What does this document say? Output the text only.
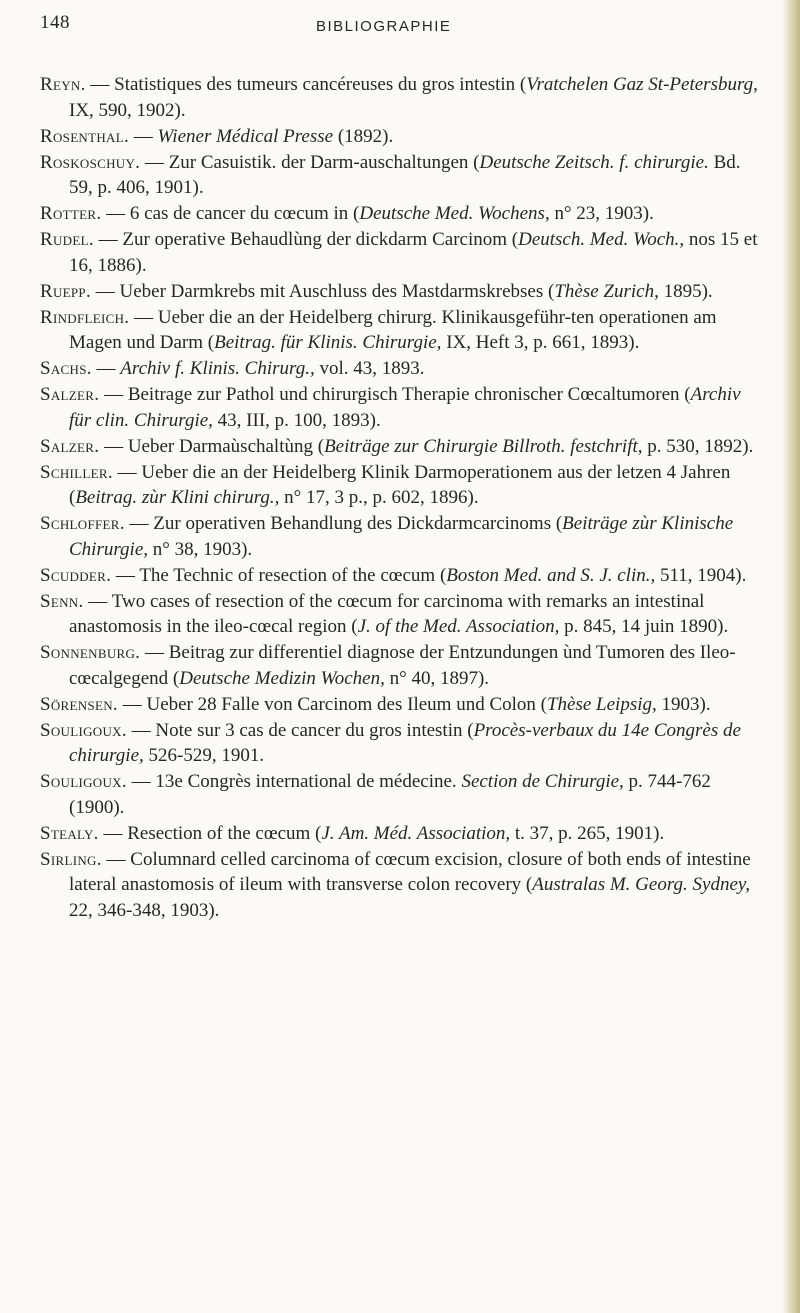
148	BIBLIOGRAPHIE

Reyn. — Statistiques des tumeurs cancéreuses du gros intestin (Vratchelen Gaz St-Petersburg, IX, 590, 1902).

Rosenthal. — Wiener Médical Presse (1892).

Roskoschuy. — Zur Casuistik. der Darm-auschaltungen (Deutsche Zeitsch. f. chirurgie. Bd. 59, p. 406, 1901).

Rotter. — 6 cas de cancer du cœcum in (Deutsche Med. Wochens, n° 23, 1903).

Rudel. — Zur operative Behaudlùng der dickdarm Carcinom (Deutsch. Med. Woch., nos 15 et 16, 1886).

Ruepp. — Ueber Darmkrebs mit Auschluss des Mastdarmskrebses (Thèse Zurich, 1895).

Rindfleich. — Ueber die an der Heidelberg chirurg. Klinikausgeführ-ten operationen am Magen und Darm (Beitrag. für Klinis. Chirurgie, IX, Heft 3, p. 661, 1893).

Sachs. — Archiv f. Klinis. Chirurg., vol. 43, 1893.

Salzer. — Beitrage zur Pathol und chirurgisch Therapie chronischer Cœcaltumoren (Archiv für clin. Chirurgie, 43, III, p. 100, 1893).

Salzer. — Ueber Darmaùschaltùng (Beiträge zur Chirurgie Billroth. festchrift, p. 530, 1892).

Schiller. — Ueber die an der Heidelberg Klinik Darmoperationem aus der letzen 4 Jahren (Beitrag. zùr Klini chirurg., n° 17, 3 p., p. 602, 1896).

Schloffer. — Zur operativen Behandlung des Dickdarmcarcinoms (Beiträge zùr Klinische Chirurgie, n° 38, 1903).

Scudder. — The Technic of resection of the cœcum (Boston Med. and S. J. clin., 511, 1904).

Senn. — Two cases of resection of the cœcum for carcinoma with remarks an intestinal anastomosis in the ileo-cœcal region (J. of the Med. Association, p. 845, 14 juin 1890).

Sonnenburg. — Beitrag zur differentiel diagnose der Entzundungen ùnd Tumoren des Ileo-cœcalgegend (Deutsche Medizin Wochen, n° 40, 1897).

Sörensen. — Ueber 28 Falle von Carcinom des Ileum und Colon (Thèse Leipsig, 1903).

Souligoux. — Note sur 3 cas de cancer du gros intestin (Procès-verbaux du 14e Congrès de chirurgie, 526-529, 1901.

Souligoux. — 13e Congrès international de médecine. Section de Chirurgie, p. 744-762 (1900).

Stealy. — Resection of the cœcum (J. Am. Méd. Association, t. 37, p. 265, 1901).

Sirling. — Columnard celled carcinoma of cœcum excision, closure of both ends of intestine lateral anastomosis of ileum with transverse colon recovery (Australas M. Georg. Sydney, 22, 346-348, 1903).
